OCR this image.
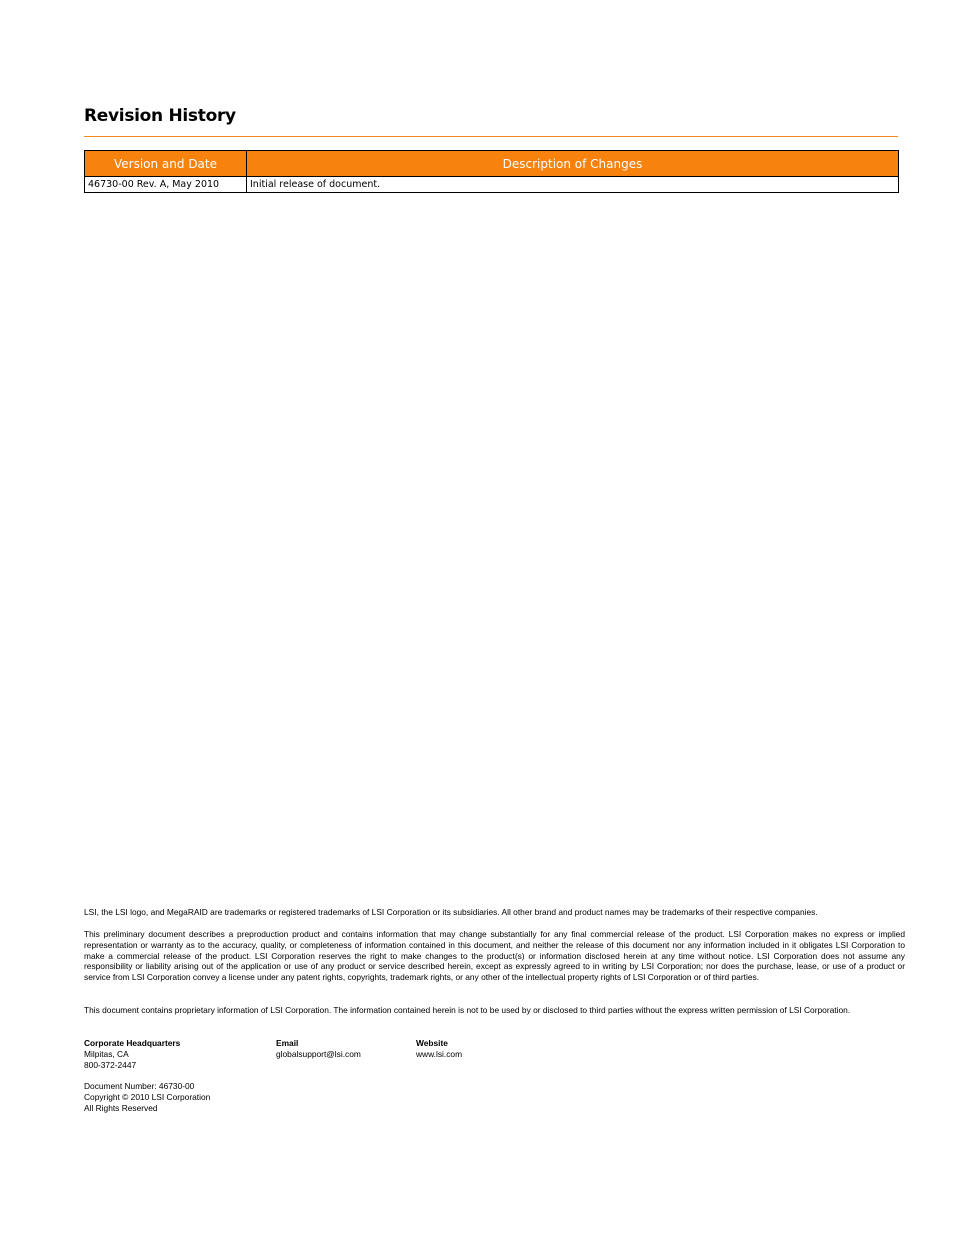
Revision History
Version and Date	Description of Changes
46730-00 Rev. A, May 2010	Initial release of document.

LSI, the LSI logo, and MegaRAID are trademarks or registered trademarks of LSI Corporation or its subsidiaries. All other brand and product names may be trademarks of their respective companies.

This preliminary document describes a preproduction product and contains information that may change substantially for any final commercial release of the product. LSI Corporation makes no express or implied representation or warranty as to the accuracy, quality, or completeness of information contained in this document, and neither the release of this document nor any information included in it obligates LSI Corporation to make a commercial release of the product. LSI Corporation reserves the right to make changes to the product(s) or information disclosed herein at any time without notice. LSI Corporation does not assume any responsibility or liability arising out of the application or use of any product or service described herein, except as expressly agreed to in writing by LSI Corporation; nor does the purchase, lease, or use of a product or service from LSI Corporation convey a license under any patent rights, copyrights, trademark rights, or any other of the intellectual property rights of LSI Corporation or of third parties.

This document contains proprietary information of LSI Corporation. The information contained herein is not to be used by or disclosed to third parties without the express written permission of LSI Corporation.

Corporate Headquarters
Milpitas, CA
800-372-2447
Email
globalsupport@lsi.com
Website
www.lsi.com
Document Number: 46730-00
Copyright © 2010 LSI Corporation
All Rights Reserved
